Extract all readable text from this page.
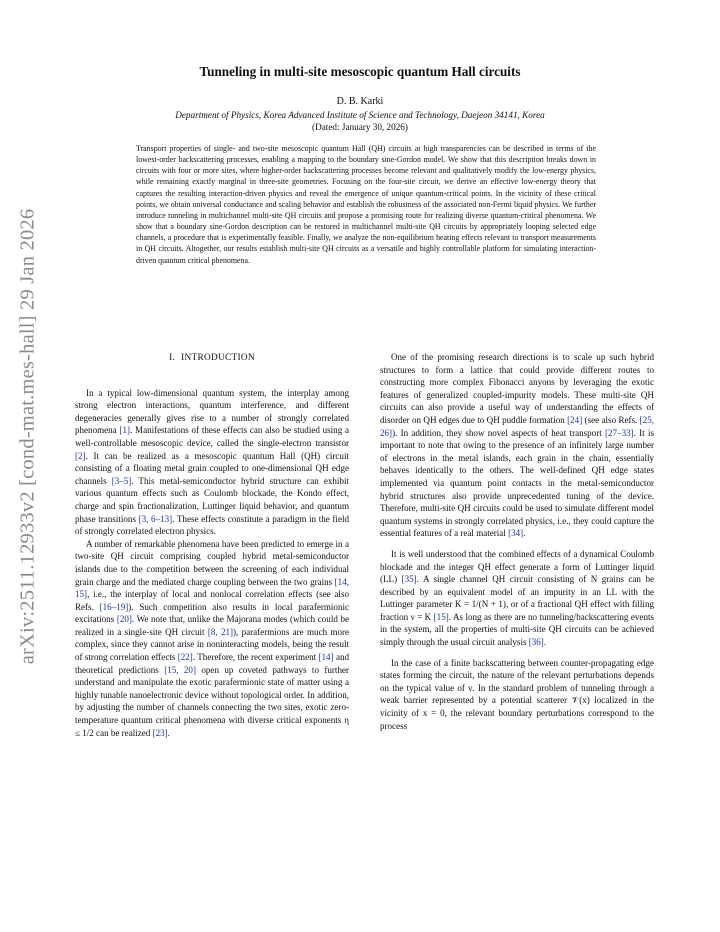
arXiv:2511.12933v2 [cond-mat.mes-hall] 29 Jan 2026
Tunneling in multi-site mesoscopic quantum Hall circuits
D. B. Karki
Department of Physics, Korea Advanced Institute of Science and Technology, Daejeon 34141, Korea
(Dated: January 30, 2026)
Transport properties of single- and two-site mesoscopic quantum Hall (QH) circuits at high transparencies can be described in terms of the lowest-order backscattering processes, enabling a mapping to the boundary sine-Gordon model. We show that this description breaks down in circuits with four or more sites, where higher-order backscattering processes become relevant and qualitatively modify the low-energy physics, while remaining exactly marginal in three-site geometries. Focusing on the four-site circuit, we derive an effective low-energy theory that captures the resulting interaction-driven physics and reveal the emergence of unique quantum-critical points. In the vicinity of these critical points, we obtain universal conductance and scaling behavior and establish the robustness of the associated non-Fermi liquid physics. We further introduce tunneling in multichannel multi-site QH circuits and propose a promising route for realizing diverse quantum-critical phenomena. We show that a boundary sine-Gordon description can be restored in multichannel multi-site QH circuits by appropriately looping selected edge channels, a procedure that is experimentally feasible. Finally, we analyze the non-equilibrium heating effects relevant to transport measurements in QH circuits. Altogether, our results establish multi-site QH circuits as a versatile and highly controllable platform for simulating interaction-driven quantum critical phenomena.
I. INTRODUCTION

In a typical low-dimensional quantum system, the interplay among strong electron interactions, quantum interference, and different degeneracies generally gives rise to a number of strongly correlated phenomena [1]. Manifestations of these effects can also be studied using a well-controllable mesoscopic device, called the single-electron transistor [2]. It can be realized as a mesoscopic quantum Hall (QH) circuit consisting of a floating metal grain coupled to one-dimensional QH edge channels [3–5]. This metal-semiconductor hybrid structure can exhibit various quantum effects such as Coulomb blockade, the Kondo effect, charge and spin fractionalization, Luttinger liquid behavior, and quantum phase transitions [3, 6–13]. These effects constitute a paradigm in the field of strongly correlated electron physics.

A number of remarkable phenomena have been predicted to emerge in a two-site QH circuit comprising coupled hybrid metal-semiconductor islands due to the competition between the screening of each individual grain charge and the mediated charge coupling between the two grains [14, 15], i.e., the interplay of local and nonlocal correlation effects (see also Refs. [16–19]). Such competition also results in local parafermionic excitations [20]. We note that, unlike the Majorana modes (which could be realized in a single-site QH circuit [8, 21]), parafermions are much more complex, since they cannot arise in noninteracting models, being the result of strong correlation effects [22]. Therefore, the recent experiment [14] and theoretical predictions [15, 20] open up coveted pathways to further understand and manipulate the exotic parafermionic state of matter using a highly tunable nanoelectronic device without topological order. In addition, by adjusting the number of channels connecting the two sites, exotic zero-temperature quantum critical phenomena with diverse critical exponents η ≤ 1/2 can be realized [23].

One of the promising research directions is to scale up such hybrid structures to form a lattice that could provide different routes to constructing more complex Fibonacci anyons by leveraging the exotic features of generalized coupled-impurity models. These multi-site QH circuits can also provide a useful way of understanding the effects of disorder on QH edges due to QH puddle formation [24] (see also Refs. [25, 26]). In addition, they show novel aspects of heat transport [27–33]. It is important to note that owing to the presence of an infinitely large number of electrons in the metal islands, each grain in the chain, essentially behaves identically to the others. The well-defined QH edge states implemented via quantum point contacts in the metal-semiconductor hybrid structures also provide unprecedented tuning of the device. Therefore, multi-site QH circuits could be used to simulate different model quantum systems in strongly correlated physics, i.e., they could capture the essential features of a real material [34].

It is well understood that the combined effects of a dynamical Coulomb blockade and the integer QH effect generate a form of Luttinger liquid (LL) [35]. A single channel QH circuit consisting of N grains can be described by an equivalent model of an impurity in an LL with the Luttinger parameter K = 1/(N + 1), or of a fractional QH effect with filling fraction ν = K [15]. As long as there are no tunneling/backscattering events in the system, all the properties of multi-site QH circuits can be achieved simply through the usual circuit analysis [36].

In the case of a finite backscattering between counter-propagating edge states forming the circuit, the nature of the relevant perturbations depends on the typical value of ν. In the standard problem of tunneling through a weak barrier represented by a potential scatterer 𝒱(x) localized in the vicinity of x = 0, the relevant boundary perturbations correspond to the process
